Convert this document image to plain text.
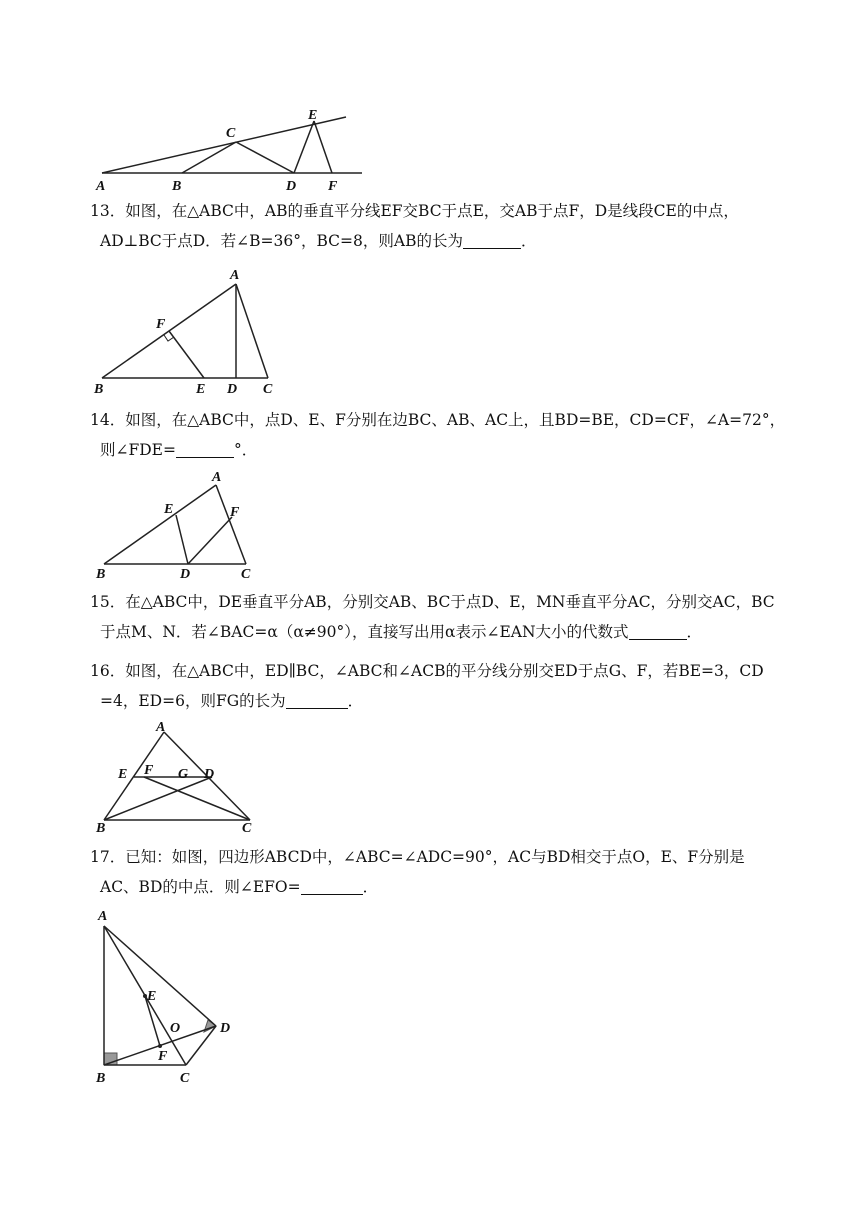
A	B
C
D
E
F
13．如图，在△ABC中，AB的垂直平分线EF交BC于点E，交AB于点F，D是线段CE的中点，
AD⊥BC于点D．若∠B=36°，BC=8，则AB的长为	．
B
A
F
E D C
14．如图，在△ABC中，点D、E、F分别在边BC、AB、AC上，且BD=BE，CD=CF，∠A=72°，
则∠FDE=	°．
B
A
E	F
D	C
15．在△ABC中，DE垂直平分AB，分别交AB、BC于点D、E，MN垂直平分AC，分别交AC，BC
于点M、N．若∠BAC=α（α≠90°），直接写出用α表示∠EAN大小的代数式	．
16．如图，在△ABC中，ED∥BC，∠ABC和∠ACB的平分线分别交ED于点G、F，若BE=3，CD
=4，ED=6，则FG的长为	．
A
E F G D
B	C
17．已知：如图，四边形ABCD中，∠ABC=∠ADC=90°，AC与BD相交于点O，E、F分别是
AC、BD的中点．则∠EFO=	．
A
E
O	D
F
B	C
